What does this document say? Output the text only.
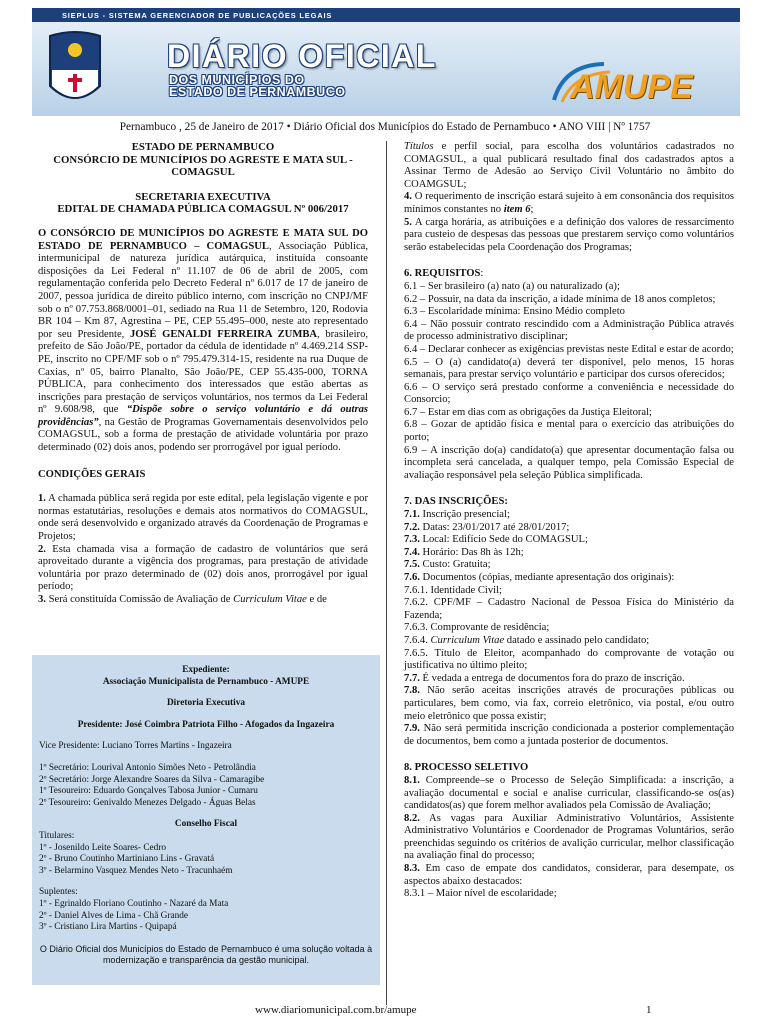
SIEPLUS - SISTEMA GERENCIADOR DE PUBLICAÇÕES LEGAIS
DIÁRIO OFICIAL
DOS MUNICÍPIOS DO
ESTADO DE PERNAMBUCO	AMUPE
Pernambuco , 25 de Janeiro de 2017 • Diário Oficial dos Municípios do Estado de Pernambuco • ANO VIII | Nº 1757
ESTADO DE PERNAMBUCO
CONSÓRCIO DE MUNICÍPIOS DO AGRESTE E MATA SUL - COMAGSUL
SECRETARIA EXECUTIVA
EDITAL DE CHAMADA PÚBLICA COMAGSUL Nº 006/2017

O CONSÓRCIO DE MUNICÍPIOS DO AGRESTE E MATA SUL DO ESTADO DE PERNAMBUCO – COMAGSUL, Associação Pública, intermunicipal de natureza jurídica autárquica, instituída consoante disposições da Lei Federal nº 11.107 de 06 de abril de 2005, com regulamentação conferida pelo Decreto Federal nº 6.017 de 17 de janeiro de 2007, pessoa jurídica de direito público interno, com inscrição no CNPJ/MF sob o nº 07.753.868/0001–01, sediado na Rua 11 de Setembro, 120, Rodovia BR 104 – Km 87, Agrestina – PE, CEP 55.495–000, neste ato representado por seu Presidente, JOSÉ GENALDI FERREIRA ZUMBA, brasileiro, prefeito de São João/PE, portador da cédula de identidade nº 4.469.214 SSP-PE, inscrito no CPF/MF sob o nº 795.479.314-15, residente na rua Duque de Caxias, nº 05, bairro Planalto, São João/PE, CEP 55.435-000, TORNA PÚBLICA, para conhecimento dos interessados que estão abertas as inscrições para prestação de serviços voluntários, nos termos da Lei Federal nº 9.608/98, que “Dispõe sobre o serviço voluntário e dá outras providências”, na Gestão de Programas Governamentais desenvolvidos pelo COMAGSUL, sob a forma de prestação de atividade voluntária por prazo determinado (02) dois anos, podendo ser prorrogável por igual período.

CONDIÇÕES GERAIS

1. A chamada pública será regida por este edital, pela legislação vigente e por normas estatutárias, resoluções e demais atos normativos do COMAGSUL, onde será desenvolvido e organizado através da Coordenação de Programas e Projetos;

2. Esta chamada visa a formação de cadastro de voluntários que será aproveitado durante a vigência dos programas, para prestação de atividade voluntária por prazo determinado de (02) dois anos, prorrogável por igual período;

3. Será constituída Comissão de Avaliação de Curriculum Vitae e de

Expediente:
Associação Municipalista de Pernambuco - AMUPE
Diretoria Executiva
Presidente: José Coimbra Patriota Filho - Afogados da Ingazeira
Vice Presidente: Luciano Torres Martins - Ingazeira
1º Secretário: Lourival Antonio Simões Neto - Petrolândia
2º Secretário: Jorge Alexandre Soares da Silva - Camaragibe
1º Tesoureiro: Eduardo Gonçalves Tabosa Junior - Cumaru
2º Tesoureiro: Genivaldo Menezes Delgado - Águas Belas
Conselho Fiscal
Titulares:
1º - Josenildo Leite Soares- Cedro
2º - Bruno Coutinho Martiniano Lins - Gravatá
3º - Belarmino Vasquez Mendes Neto - Tracunhaém
Suplentes:
1º - Egrinaldo Floriano Coutinho - Nazaré da Mata
2º - Daniel Alves de Lima - Chã Grande
3º - Cristiano Lira Martins - Quipapá
O Diário Oficial dos Municípios do Estado de Pernambuco é uma solução voltada à modernização e transparência da gestão municipal.

Títulos e perfil social, para escolha dos voluntários cadastrados no COMAGSUL, a qual publicará resultado final dos cadastrados aptos a Assinar Termo de Adesão ao Serviço Civil Voluntário no âmbito do COAMGSUL;

4. O requerimento de inscrição estará sujeito à em consonância dos requisitos mínimos constantes no item 6;

5. A carga horária, as atribuições e a definição dos valores de ressarcimento para custeio de despesas das pessoas que prestarem serviço como voluntários serão estabelecidas pela Coordenação dos Programas;

6. REQUISITOS:

6.1 – Ser brasileiro (a) nato (a) ou naturalizado (a);

6.2 – Possuir, na data da inscrição, a idade mínima de 18 anos completos;

6.3 – Escolaridade mínima: Ensino Médio completo

6.4 – Não possuir contrato rescindido com a Administração Pública através de processo administrativo disciplinar;

6.4 – Declarar conhecer as exigências previstas neste Edital e estar de acordo;

6.5 – O (a) candidato(a) deverá ter disponível, pelo menos, 15 horas semanais, para prestar serviço voluntário e participar dos cursos oferecidos;

6.6 – O serviço será prestado conforme a conveniência e necessidade do Consorcio;

6.7 – Estar em dias com as obrigações da Justiça Eleitoral;

6.8 – Gozar de aptidão física e mental para o exercício das atribuições do porto;

6.9 – A inscrição do(a) candidato(a) que apresentar documentação falsa ou incompleta será cancelada, a qualquer tempo, pela Comissão Especial de avaliação responsável pela seleção Pública simplificada.

7. DAS INSCRIÇÕES:

7.1. Inscrição presencial;

7.2. Datas: 23/01/2017 até 28/01/2017;

7.3. Local: Edifício Sede do COMAGSUL;

7.4. Horário: Das 8h às 12h;

7.5. Custo: Gratuita;

7.6. Documentos (cópias, mediante apresentação dos originais):

7.6.1. Identidade Civil;

7.6.2. CPF/MF – Cadastro Nacional de Pessoa Física do Ministério da Fazenda;

7.6.3. Comprovante de residência;

7.6.4. Curriculum Vitae datado e assinado pelo candidato;

7.6.5. Título de Eleitor, acompanhado do comprovante de votação ou justificativa no último pleito;

7.7. É vedada a entrega de documentos fora do prazo de inscrição.

7.8. Não serão aceitas inscrições através de procurações públicas ou particulares, bem como, via fax, correio eletrônico, via postal, e/ou outro meio eletrônico que possa existir;

7.9. Não será permitida inscrição condicionada a posterior complementação de documentos, bem como a juntada posterior de documentos.

8. PROCESSO SELETIVO

8.1. Compreende–se o Processo de Seleção Simplificada: a inscrição, a avaliação documental e social e analise curricular, classificando-se os(as) candidatos(as) que forem melhor avaliados pela Comissão de Avaliação;

8.2. As vagas para Auxiliar Administrativo Voluntários, Assistente Administrativo Voluntários e Coordenador de Programas Voluntários, serão preenchidas seguindo os critérios de avalição curricular, melhor classificação na avaliação final do processo;

8.3. Em caso de empate dos candidatos, considerar, para desempate, os aspectos abaixo destacados:

8.3.1 – Maior nível de escolaridade;

www.diariomunicipal.com.br/amupe	1
